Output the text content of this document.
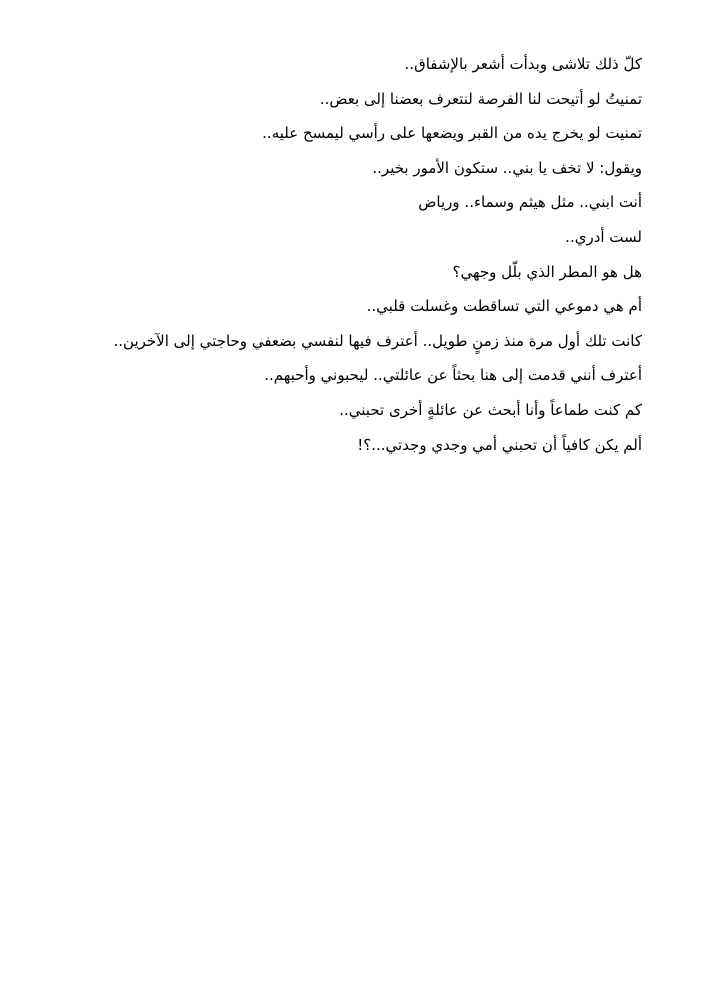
كلّ ذلك تلاشى وبدأت أشعر بالإشفاق..
تمنيتُ لو أتيحت لنا الفرصة لنتعرف بعضنا إلى بعض..
تمنيت لو يخرج يده من القبر ويضعها على رأسي ليمسح عليه..
ويقول: لا تخف يا بني.. ستكون الأمور بخير..
أنت ابني.. مثل هيثم وسماء.. ورياض
لست أدري..
هل هو المطر الذي بلّل وجهي؟
أم هي دموعي التي تساقطت وغسلت قلبي..
كانت تلك أول مرة منذ زمنٍ طويل.. أعترف فيها لنفسي بضعفي وحاجتي إلى الآخرين..
أعترف أنني قدمت إلى هنا بحثاً عن عائلتي.. ليحبوني وأحبهم..
كم كنت طماعاً وأنا أبحث عن عائلةٍ أخرى تحبني..
ألم يكن كافياً أن تحبني أمي وجدي وجدتي...؟!
